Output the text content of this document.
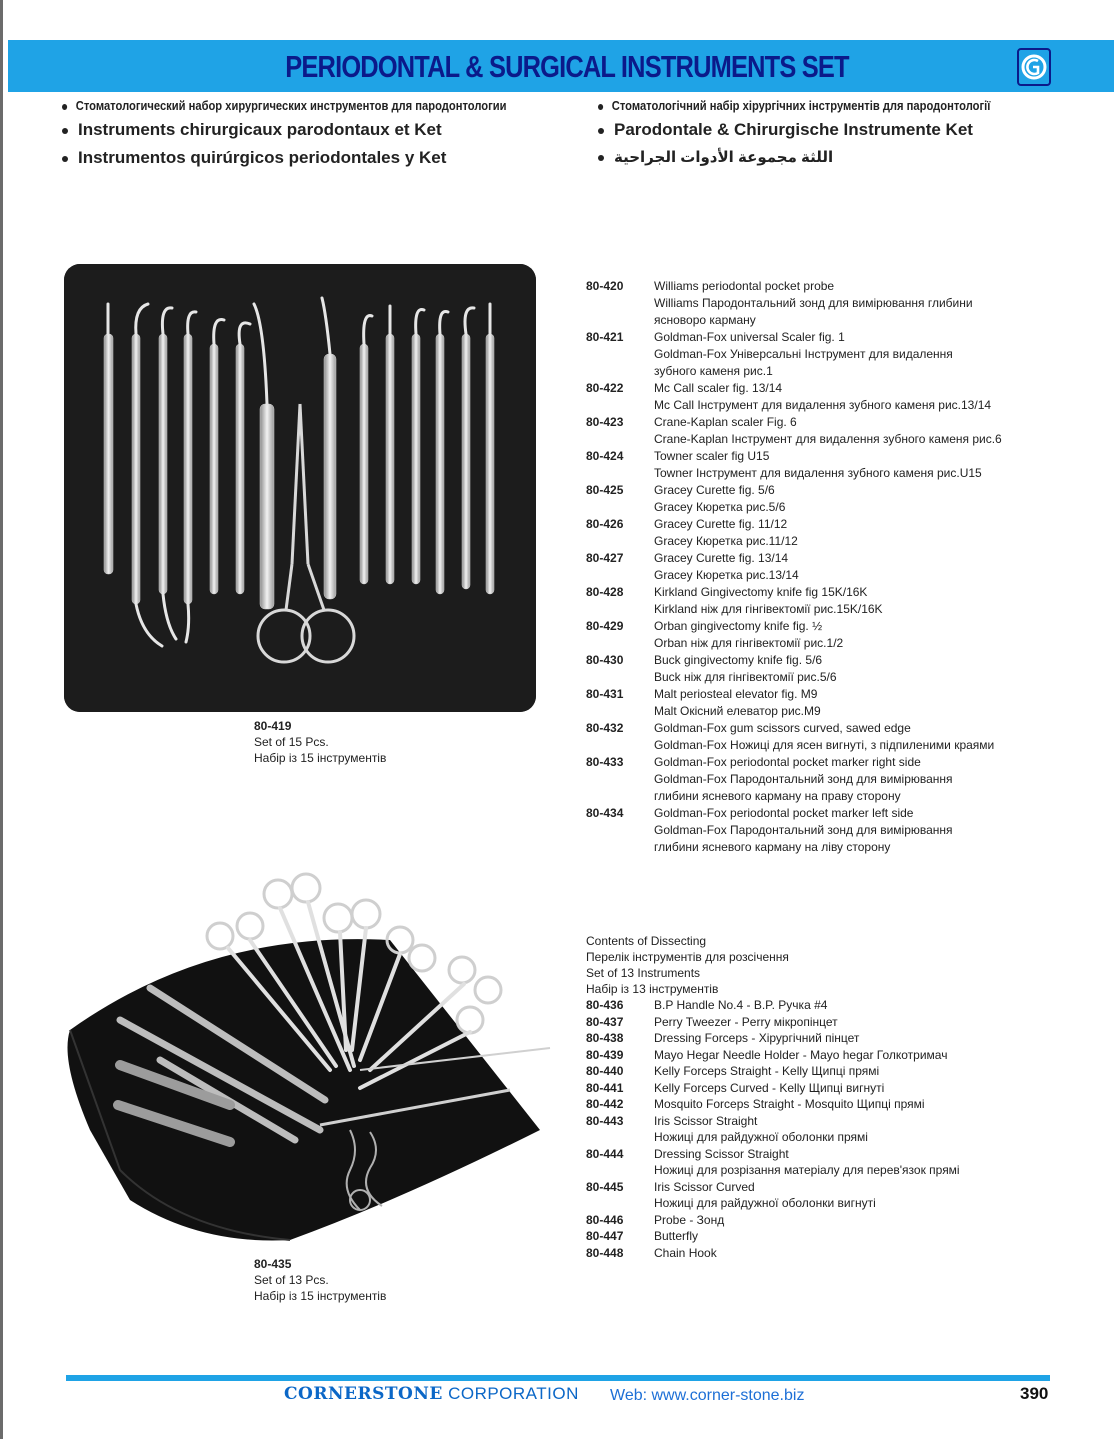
PERIODONTAL & SURGICAL INSTRUMENTS SET
Стоматологический набор хирургических инструментов для пародонтологии
Instruments chirurgicaux parodontaux et Ket
Instrumentos quirúrgicos periodontales y Ket
Стоматологічний набір хірургічних інструментів для пародонтології
Parodontale & Chirurgische Instrumente Ket
اللثة مجموعة الأدوات الجراحية
80-419
Set of 15 Pcs.
Набір із 15 інструментів
80-420	Williams periodontal pocket probe
Williams Пародонтальний зонд для вимірювання глибини
ясноворо карману
80-421	Goldman-Fox universal Scaler fig. 1
Goldman-Fox Універсальні Інструмент для видалення
зубного каменя рис.1
80-422	Mc Call scaler fig. 13/14
Mc Call Інструмент для видалення зубного каменя рис.13/14
80-423	Crane-Kaplan scaler Fig. 6
Crane-Kaplan Інструмент для видалення зубного каменя рис.6
80-424	Towner scaler fig U15
Towner Інструмент для видалення зубного каменя рис.U15
80-425	Gracey Curette fig. 5/6
Gracey Кюретка рис.5/6
80-426	Gracey Curette fig. 11/12
Gracey Кюретка рис.11/12
80-427	Gracey Curette fig. 13/14
Gracey Кюретка рис.13/14
80-428	Kirkland Gingivectomy knife fig 15K/16K
Kirkland ніж для гінгівектомії рис.15K/16K
80-429	Orban gingivectomy knife fig. ½
Orban ніж для гінгівектомії рис.1/2
80-430	Buck gingivectomy knife fig. 5/6
Buck ніж для гінгівектомії рис.5/6
80-431	Malt periosteal elevator fig. M9
Malt Окісний елеватор рис.M9
80-432	Goldman-Fox gum scissors curved, sawed edge
Goldman-Fox Ножиці для ясен вигнуті, з підпиленими краями
80-433	Goldman-Fox periodontal pocket marker right side
Goldman-Fox Пародонтальний зонд для вимірювання
глибини ясневого карману на праву сторону
80-434	Goldman-Fox periodontal pocket marker left side
Goldman-Fox Пародонтальний зонд для вимірювання
глибини ясневого карману на ліву сторону
80-435
Set of 13 Pcs.
Набір із 15 інструментів
Contents of Dissecting
Перелік інструментів для розсічення
Set of 13 Instruments
Набір із 13 інструментів
80-436	B.P Handle No.4 - B.P. Ручка #4
80-437	Perry Tweezer - Perry мікропінцет
80-438	Dressing Forceps - Хірургічний пінцет
80-439	Mayo Hegar Needle Holder - Mayo hegar Голкотримач
80-440	Kelly Forceps Straight - Kelly Щипці прямі
80-441	Kelly Forceps Curved - Kelly Щипці вигнуті
80-442	Mosquito Forceps Straight - Mosquito Щипці прямі
80-443	Iris Scissor Straight
Ножиці для райдужної оболонки прямі
80-444	Dressing Scissor Straight
Ножиці для розрізання матеріалу для перев'язок прямі
80-445	Iris Scissor Curved
Ножиці для райдужної оболонки вигнуті
80-446	Probe - Зонд
80-447	Butterfly
80-448	Chain Hook
CORNERSTONE CORPORATION Web: www.corner-stone.biz	390
